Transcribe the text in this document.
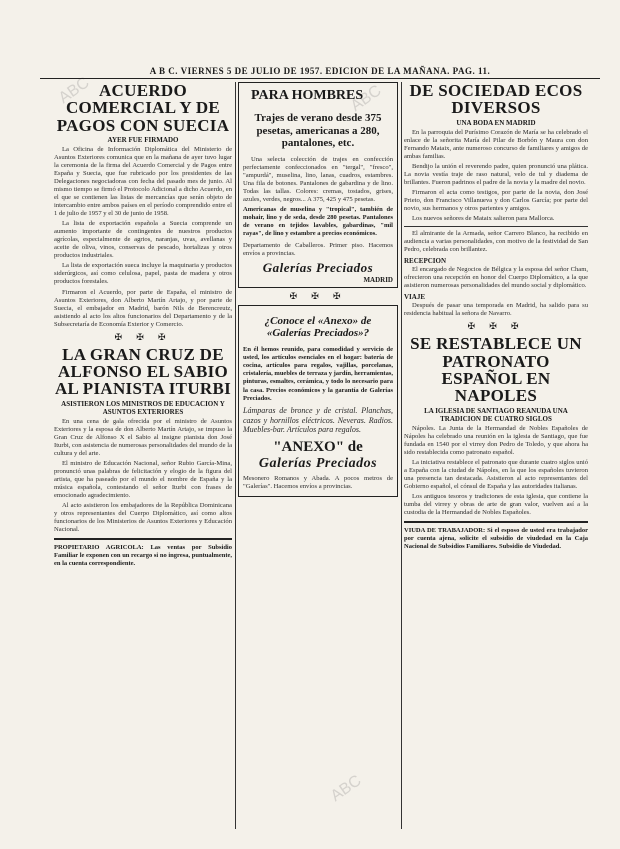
ABC	ABC
ABC
A B C. VIERNES 5 DE JULIO DE 1957. EDICION DE LA MAÑANA. PAG. 11.
ACUERDO COMERCIAL Y DE PAGOS CON SUECIA
AYER FUE FIRMADO

La Oficina de Información Diplomática del Ministerio de Asuntos Exteriores comunica que en la mañana de ayer tuvo lugar la ceremonia de la firma del Acuerdo Comercial y de Pagos entre España y Suecia, que fue rubricado por los presidentes de las Delegaciones negociadoras con fecha del pasado mes de junio. Al mismo tiempo se firmó el Protocolo Adicional a dicho Acuerdo, en el que se contienen las listas de mercancías que serán objeto de intercambio entre ambos países en el período comprendido entre el 1 de julio de 1957 y el 30 de junio de 1958.

La lista de exportación española a Suecia comprende un aumento importante de contingentes de nuestros productos agrícolas, especialmente de agrios, naranjas, uvas, avellanas y aceite de oliva, vinos, conservas de pescado, hortalizas y otros productos industriales.

La lista de exportación sueca incluye la maquinaria y productos siderúrgicos, así como celulosa, papel, pasta de madera y otros productos forestales.

Firmaron el Acuerdo, por parte de España, el ministro de Asuntos Exteriores, don Alberto Martín Artajo, y por parte de Suecia, el embajador en Madrid, barón Nils de Berencreutz, asistiendo al acto los altos funcionarios del Departamento y de la Subsecretaría de Economía Exterior y Comercio.

✠ ✠ ✠
LA GRAN CRUZ DE ALFONSO EL SABIO AL PIANISTA ITURBI
ASISTIERON LOS MINISTROS DE EDUCACION Y ASUNTOS EXTERIORES

En una cena de gala ofrecida por el ministro de Asuntos Exteriores y la esposa de don Alberto Martín Artajo, se impuso la Gran Cruz de Alfonso X el Sabio al insigne pianista don José Iturbi, con asistencia de numerosas personalidades del mundo de la cultura y del arte.

El ministro de Educación Nacional, señor Rubio García-Mina, pronunció unas palabras de felicitación y elogio de la figura del artista, que ha paseado por el mundo el nombre de España y la música española, contestando el señor Iturbi con frases de emocionado agradecimiento.

Al acto asistieron los embajadores de la República Dominicana y otros representantes del Cuerpo Diplomático, así como altos funcionarios de los Ministerios de Asuntos Exteriores y Educación Nacional.

PROPIETARIO AGRICOLA: Las ventas por Subsidio Familiar le exponen con un recargo si no ingresa, puntualmente, en la cuenta correspondiente.

PARA HOMBRES
Trajes de verano desde 375 pesetas, americanas a 280, pantalones, etc.

Una selecta colección de trajes en confección perfectamente confeccionados en "tergal", "fresco", "ampurdá", muselina, lino, lanas, cuadros, estambres. Una fila de botones. Pantalones de gabardina y de lino. Todas las tallas. Colores: cremas, tostados, grises, azules, verdes, negros... A 375, 425 y 475 pesetas.

Americanas de muselina y "tropical", también de mohair, lino y de seda, desde 280 pesetas. Pantalones de verano en tejidos lavables, gabardinas, "mil rayas", de lino y estambre a precios económicos.

Departamento de Caballeros. Primer piso. Hacemos envíos a provincias.

Galerías Preciados
MADRID
✠ ✠ ✠
¿Conoce el «Anexo» de «Galerías Preciados»?

En él hemos reunido, para comodidad y servicio de usted, los artículos esenciales en el hogar: batería de cocina, artículos para regalos, vajillas, porcelanas, cristalería, muebles de terraza y jardín, herramientas, pinturas, esmaltes, cerámica, y todo lo necesario para la casa. Precios económicos y la garantía de Galerías Preciados.

Lámparas de bronce y de cristal. Planchas, cazos y hornillos eléctricos. Neveras. Radios. Muebles-bar. Artículos para regalos.

"ANEXO" de
Galerías Preciados

Mesonero Romanos y Abada. A pocos metros de "Galerías". Hacemos envíos a provincias.

DE SOCIEDAD ECOS DIVERSOS
UNA BODA EN MADRID

En la parroquia del Purísimo Corazón de María se ha celebrado el enlace de la señorita María del Pilar de Borbón y Maura con don Fernando Mataix, ante numeroso concurso de familiares y amigos de ambas familias.

Bendijo la unión el reverendo padre, quien pronunció una plática. La novia vestía traje de raso natural, velo de tul y diadema de brillantes. Fueron padrinos el padre de la novia y la madre del novio.

Firmaron el acta como testigos, por parte de la novia, don José Prieto, don Francisco Villanueva y don Carlos García; por parte del novio, sus hermanos y otros parientes y amigos.

Los nuevos señores de Mataix salieron para Mallorca.

El almirante de la Armada, señor Carrero Blanco, ha recibido en audiencia a varias personalidades, con motivo de la festividad de San Pedro, celebrada con brillantez.

RECEPCION

El encargado de Negocios de Bélgica y la esposa del señor Cham, ofrecieron una recepción en honor del Cuerpo Diplomático, a la que asistieron numerosas personalidades del mundo social y diplomático.

VIAJE

Después de pasar una temporada en Madrid, ha salido para su residencia habitual la señora de Navarro.

✠ ✠ ✠
SE RESTABLECE UN PATRONATO ESPAÑOL EN NAPOLES
LA IGLESIA DE SANTIAGO REANUDA UNA TRADICION DE CUATRO SIGLOS

Nápoles. La Junta de la Hermandad de Nobles Españoles de Nápoles ha celebrado una reunión en la iglesia de Santiago, que fue fundada en 1540 por el virrey don Pedro de Toledo, y que ahora ha sido restablecida como patronato español.

La iniciativa restablece el patronato que durante cuatro siglos unió a España con la ciudad de Nápoles, en la que los españoles tuvieron una presencia tan destacada. Asistieron al acto representantes del Gobierno español, el cónsul de España y las autoridades italianas.

Los antiguos tesoros y tradiciones de esta iglesia, que contiene la tumba del virrey y obras de arte de gran valor, vuelven así a la custodia de la Hermandad de Nobles Españoles.

VIUDA DE TRABAJADOR: Si el esposo de usted era trabajador por cuenta ajena, solicite el subsidio de viudedad en la Caja Nacional de Subsidios Familiares. Subsidio de Viudedad.
